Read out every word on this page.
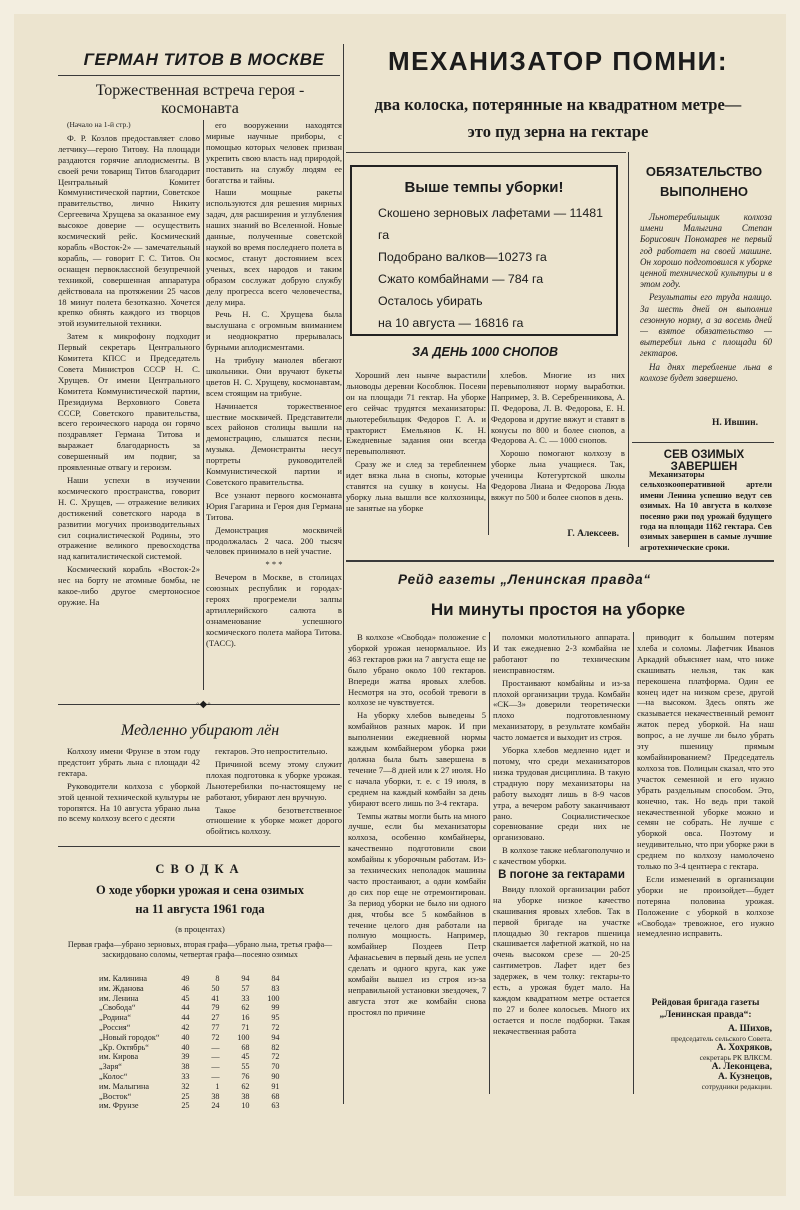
ГЕРМАН ТИТОВ В МОСКВЕ
Торжественная встреча героя - космонавта

(Начало на 1-й стр.)

Ф. Р. Козлов предоставляет слово летчику—герою Титову. На площади раздаются горячие аплодисменты. В своей речи товарищ Титов благодарит Центральный Комитет Коммунистической партии, Советское правительство, лично Никиту Сергеевича Хрущева за оказанное ему высокое доверие — осуществить космический рейс. Космический корабль «Восток-2» — замечательный корабль, — говорит Г. С. Титов. Он оснащен первоклассной безупречной техникой, совершенная аппаратура действовала на протяжении 25 часов 18 минут полета безотказно. Хочется крепко обнять каждого из творцов этой изумительной техники.

Затем к микрофону подходит Первый секретарь Центрального Комитета КПСС и Председатель Совета Министров СССР Н. С. Хрущев. От имени Центрального Комитета Коммунистической партии, Президиума Верховного Совета СССР, Советского правительства, всего героического народа он горячо поздравляет Германа Титова и выражает благодарность за совершенный им подвиг, за проявленные отвагу и героизм.

Наши успехи в изучении космического пространства, говорит Н. С. Хрущев, — отражение великих достижений советского народа в развитии могучих производительных сил социалистической Родины, это отражение великого превосходства над капиталистической системой.

Космический корабль «Восток-2» нес на борту не атомные бомбы, не какое-либо другое смертоносное оружие. На

его вооружении находятся мирные научные приборы, с помощью которых человек призван укрепить свою власть над природой, поставить на службу людям ее богатства и тайны.

Наши мощные ракеты используются для решения мирных задач, для расширения и углубления наших знаний во Вселенной. Новые данные, полученные советской наукой во время последнего полета в космос, станут достоянием всех ученых, всех народов и таким образом сослужат добрую службу делу прогресса всего человечества, делу мира.

Речь Н. С. Хрущева была выслушана с огромным вниманием и неоднократно прерывалась бурными аплодисментами.

На трибуну манолея вбегают школьники. Они вручают букеты цветов Н. С. Хрущеву, космонавтам, всем стоящим на трибуне.

Начинается торжественное шествие москвичей. Представители всех районов столицы вышли на демонстрацию, слышатся песни, музыка. Демонстранты несут портреты руководителей Коммунистической партии и Советского правительства.

Все узнают первого космонавта Юрия Гагарина и Героя дня Германа Титова.

Демонстрация москвичей продолжалась 2 часа. 200 тысяч человек принимало в ней участие.

* * *

Вечером в Москве, в столицах союзных республик и городах-героях прогремели залпы артиллерийского салюта в ознаменование успешного космического полета майора Титова. (ТАСС).

◦◆◦
Медленно убирают лён

Колхозу имени Фрунзе в этом году предстоит убрать льна с площади 42 гектара.

Руководители колхоза с уборкой этой ценной технической культуры не торопятся. На 10 августа убрано льна по всему колхозу всего с десяти

гектаров. Это непростительно.

Причиной всему этому служит плохая подготовка к уборке урожая. Льнотеребилки по-настоящему не работают, убирают лен вручную.

Такое безответственное отношение к уборке может дорого обойтись колхозу.

СВОДКА
О ходе уборки урожая и сена озимых
на 11 августа 1961 года
(в процентах)
Первая графа—убрано зерновых, вторая графа—убрано льна, третья графа—заскирдовано соломы, четвертая графа—посеяно озимых
им. Калинина	49	8	94	84
им. Жданова	46	50	57	83
им. Ленина	45	41	33	100
„Свобода“	44	79	62	99
„Родина“	44	27	16	95
„Россия“	42	77	71	72
„Новый городок“	40	72	100	94
„Кр. Октябрь“	40	—	68	82
им. Кирова	39	—	45	72
„Заря“	38	—	55	70
„Колос“	33	—	76	90
им. Малыгина	32	1	62	91
„Восток“	25	38	38	68
им. Фрунзе	25	24	10	63
МЕХАНИЗАТОР ПОМНИ:
два колоска, потерянные на квадратном метре—
это пуд зерна на гектаре
Выше темпы уборки!
Скошено зерновых лафетами — 11481 га
Подобрано валков—10273 га
Сжато комбайнами — 784 га
Осталось убирать
на 10 августа — 16816 га
ОБЯЗАТЕЛЬСТВО
ВЫПОЛНЕНО

Льнотеребильщик колхоза имени Малыгина Степан Борисович Пономарев не первый год работает на своей машине. Он хорошо подготовился к уборке ценной технической культуры и в этом году.

Результаты его труда налицо. За шесть дней он выполнил сезонную норму, а за восемь дней— взятое обязательство — вытеребил льна с площади 60 гектаров.

На днях теребление льна в колхозе будет завершено.

Н. Ившин.
СЕВ ОЗИМЫХ ЗАВЕРШЕН

Механизаторы сельхозкооперативной артели имени Ленина успешно ведут сев озимых. На 10 августа в колхозе посеяно ржи под урожай будущего года на площади 1162 гектара. Сев озимых завершен в самые лучшие агротехнические сроки.

ЗА ДЕНЬ 1000 СНОПОВ

Хороший лен нынче вырастили льноводы деревни Кособлюк. Посеян он на площади 71 гектар. На уборке его сейчас трудятся механизаторы: льнотеребильщик Федоров Г. А. и тракторист Емельянов К. Н. Ежедневные задания они всегда перевыполняют.

Сразу же и след за теребленнем идет вязка льна в снопы, которые ставятся на сушку в конусы. На уборку льна вышли все колхозницы, не занятые на уборке

хлебов. Многие из них перевыполняют норму выработки. Например, З. В. Серебренникова, А. П. Федорова, Л. В. Федорова, Е. Н. Федорова и другие вяжут и ставят в конусы по 800 и более снопов, а Федорова А. С. — 1000 снопов.

Хорошо помогают колхозу в уборке льна учащиеся. Так, ученицы Котегуртской школы Федорова Лиана и Федорова Люда вяжут по 500 и более снопов в день.

Г. Алексеев.
Рейд газеты „Ленинская правда“
Ни минуты простоя на уборке

В колхозе «Свобода» положение с уборкой урожая ненормальное. Из 463 гектаров ржи на 7 августа еще не было убрано около 100 гектаров. Впереди жатва яровых хлебов. Несмотря на это, особой тревоги в колхозе не чувствуется.

На уборку хлебов выведены 5 комбайнов разных марок. И при выполнении ежедневной нормы каждым комбайнером уборка ржи должна была быть завершена в течение 7—8 дней или к 27 июля. Но с начала уборки, т. е. с 19 июля, в среднем на каждый комбайн за день убирают всего лишь по 3-4 гектара.

Темпы жатвы могли быть на много лучше, если бы механизаторы колхоза, особенно комбайнеры, качественно подготовили свои комбайны к уборочным работам. Из-за технических неполадок машины часто простаивают, а одни комбайн до сих пор еще не отремонтирован. За период уборки не было ни одного дня, чтобы все 5 комбайнов в течение целого дня работали на полную мощность. Например, комбайнер Поздеев Петр Афанасьевич в первый день не успел сделать и одного круга, как уже комбайн вышел из строя из-за неправильной установки звездочек, 7 августа этот же комбайн снова простоял по причине

поломки молотильного аппарата. И так ежедневно 2-3 комбайна не работают по техническим неисправностям.

Простаивают комбайны и из-за плохой организации труда. Комбайн «СК—3» доверили теоретически плохо подготовленному механизатору, в результате комбайн часто ломается и выходит из строя.

Уборка хлебов медленно идет и потому, что среди механизаторов низка трудовая дисциплина. В такую страдную пору механизаторы на работу выходят лишь в 8-9 часов утра, а вечером работу заканчивают рано. Социалистическое соревнование среди них не организовано.

В колхозе также неблагополучно и с качеством уборки.

В погоне за гектарами

Ввиду плохой организации работ на уборке низкое качество скашивания яровых хлебов. Так в первой бригаде на участке площадью 30 гектаров пшеница скашивается лафетной жаткой, но на очень высоком срезе — 20-25 сантиметров. Лафет идет без задержек, в чем толку: гектары-то есть, а урожая будет мало. На каждом квадратном метре остается по 27 и более колосьев. Много их остается и после подборки. Такая некачественная работа

приводит к большим потерям хлеба и соломы. Лафетчик Иванов Аркадий объясняет нам, что ниже скашивать нельзя, так как перекошена платформа. Один ее конец идет на низком срезе, другой—на высоком. Здесь опять же сказывается некачественный ремонт жаток перед уборкой. На наш вопрос, а не лучше ли было убрать эту пшеницу прямым комбайнированием? Председатель колхоза тов. Полицын сказал, что это участок семенной и его нужно убрать раздельным способом. Это, конечно, так. Но ведь при такой некачественной уборке можно и семян не собрать. Не лучше с уборкой овса. Поэтому и неудивительно, что при уборке ржи в среднем по колхозу намолочено только по 3-4 центнера с гектара.

Если изменений в организации уборки не произойдет—будет потеряна половина урожая. Положение с уборкой в колхозе «Свобода» тревожное, его нужно немедленно исправить.

Рейдовая бригада газеты „Ленинская правда“:
А. Шихов,
председатель сельского Совета.
А. Хохряков,
секретарь РК ВЛКСМ.
А. Леконцева,
А. Кузнецов,
сотрудники редакции.
